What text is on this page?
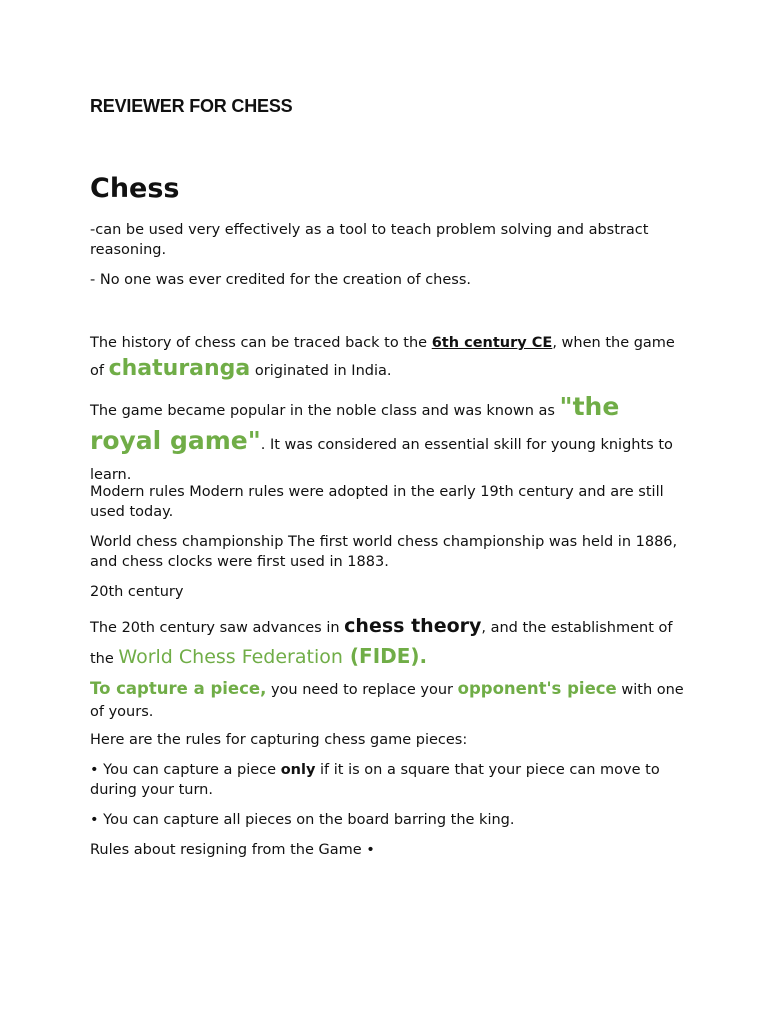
REVIEWER FOR CHESS
Chess
-can be used very effectively as a tool to teach problem solving and abstract reasoning.
- No one was ever credited for the creation of chess.
The history of chess can be traced back to the 6th century CE, when the game of chaturanga originated in India.
The game became popular in the noble class and was known as "the royal game". It was considered an essential skill for young knights to learn.
Modern rules Modern rules were adopted in the early 19th century and are still used today.
World chess championship The first world chess championship was held in 1886, and chess clocks were first used in 1883.
20th century
The 20th century saw advances in chess theory, and the establishment of the World Chess Federation (FIDE).
To capture a piece, you need to replace your opponent's piece with one of yours.
Here are the rules for capturing chess game pieces:
• You can capture a piece only if it is on a square that your piece can move to during your turn.
• You can capture all pieces on the board barring the king.
Rules about resigning from the Game •
